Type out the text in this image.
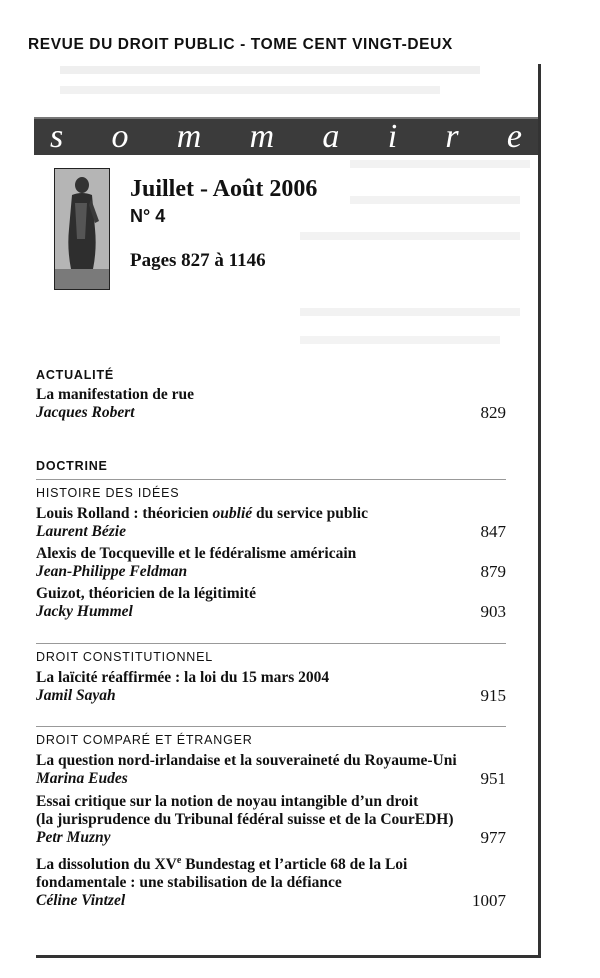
REVUE DU DROIT PUBLIC - TOME CENT VINGT-DEUX
s o m m a i r e
Juillet - Août 2006
N° 4
Pages 827 à 1146
ACTUALITÉ
La manifestation de rue
Jacques Robert	829
DOCTRINE
HISTOIRE DES IDÉES
Louis Rolland : théoricien oublié du service public
Laurent Bézie	847
Alexis de Tocqueville et le fédéralisme américain
Jean-Philippe Feldman	879
Guizot, théoricien de la légitimité
Jacky Hummel	903
DROIT CONSTITUTIONNEL
La laïcité réaffirmée : la loi du 15 mars 2004
Jamil Sayah	915
DROIT COMPARÉ ET ÉTRANGER
La question nord-irlandaise et la souveraineté du Royaume-Uni
Marina Eudes	951
Essai critique sur la notion de noyau intangible d’un droit
(la jurisprudence du Tribunal fédéral suisse et de la CourEDH)
Petr Muzny	977
La dissolution du XVe Bundestag et l’article 68 de la Loi
fondamentale : une stabilisation de la défiance
Céline Vintzel	1007
